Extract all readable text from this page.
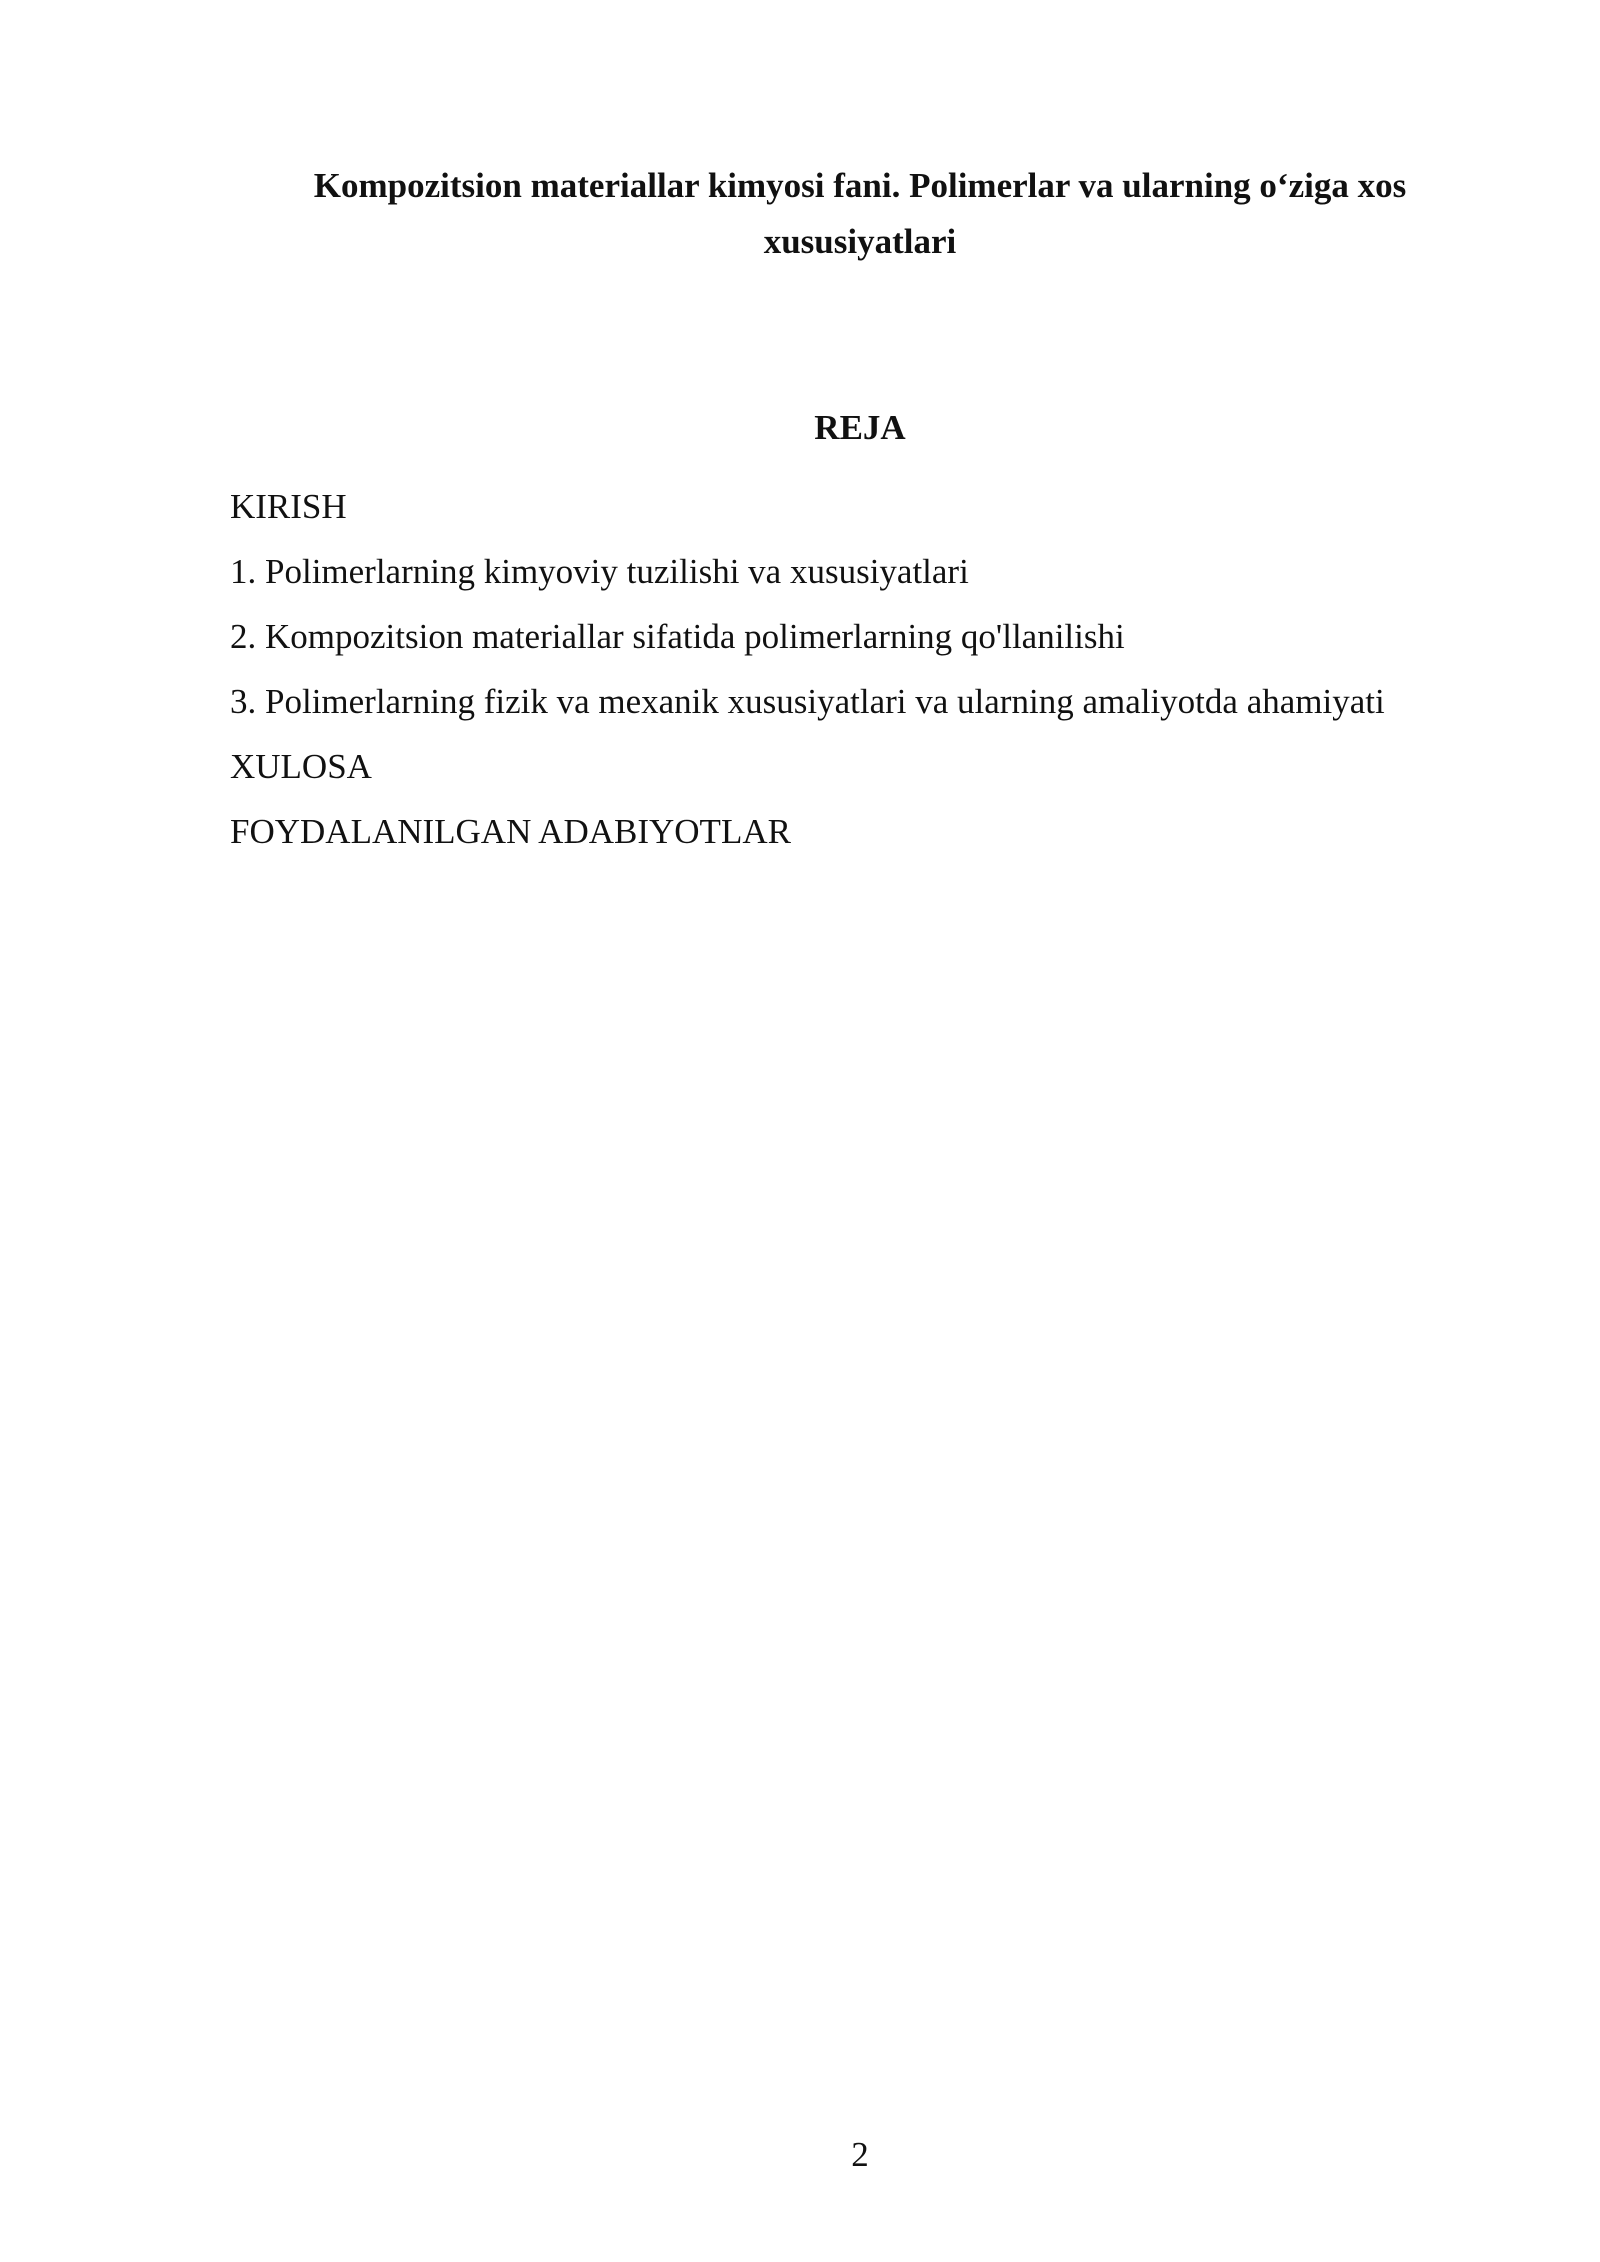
Kompozitsion materiallar kimyosi fani. Polimerlar va ularning o‘ziga xos xususiyatlari
REJA
KIRISH
1. Polimerlarning kimyoviy tuzilishi va xususiyatlari
2. Kompozitsion materiallar sifatida polimerlarning qo'llanilishi
3. Polimerlarning fizik va mexanik xususiyatlari va ularning amaliyotda ahamiyati
XULOSA
FOYDALANILGAN ADABIYOTLAR
2
